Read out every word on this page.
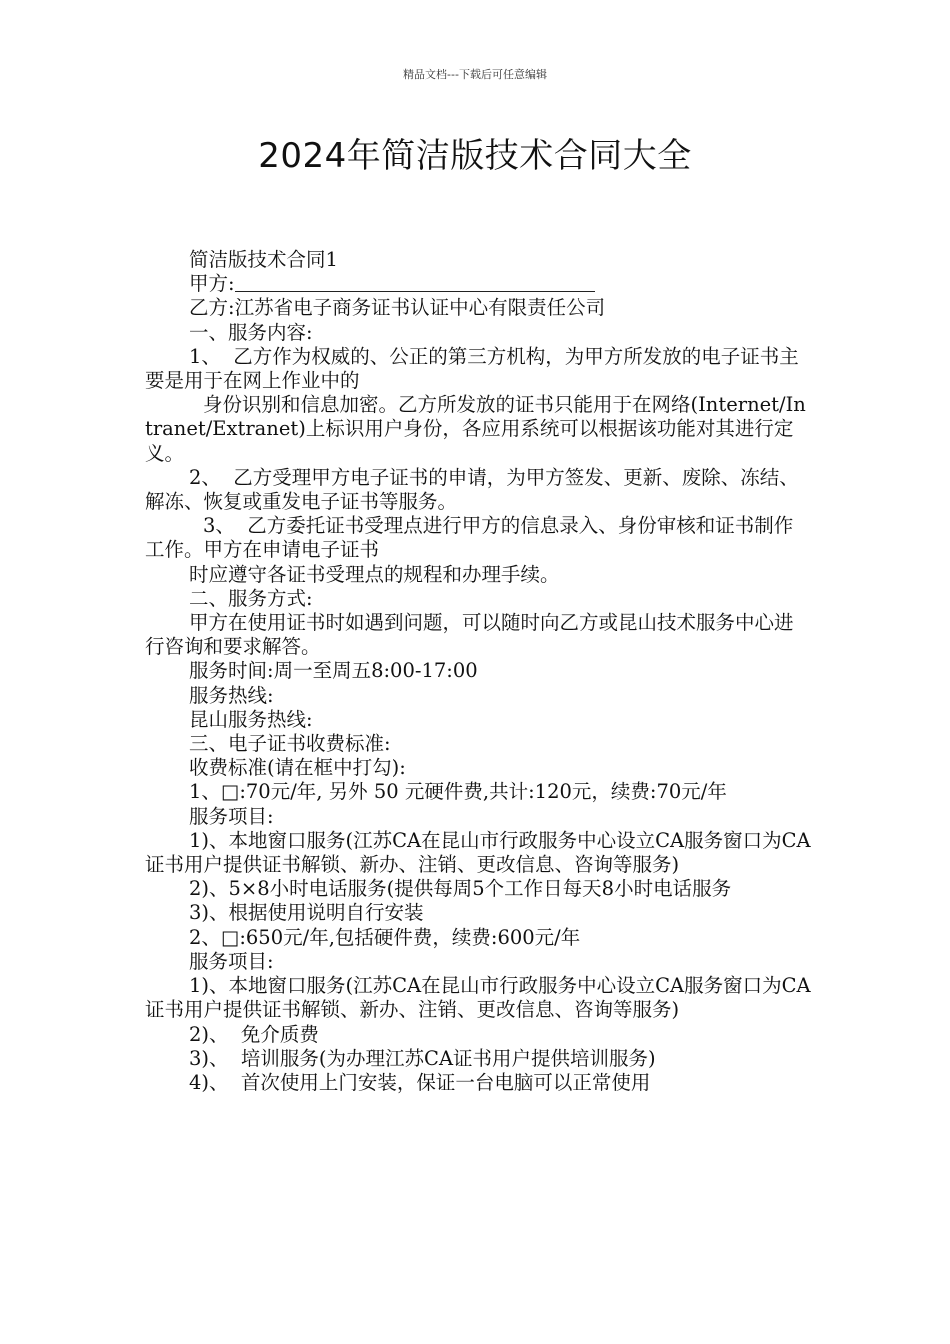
精品文档---下载后可任意编辑
2024年简洁版技术合同大全

简洁版技术合同1

甲方:

乙方:江苏省电子商务证书认证中心有限责任公司

一、服务内容:

1、  乙方作为权威的、公正的第三方机构，为甲方所发放的电子证书主要是用于在网上作业中的

身份识别和信息加密。乙方所发放的证书只能用于在网络(Internet/Intranet/Extranet)上标识用户身份，各应用系统可以根据该功能对其进行定义。

2、  乙方受理甲方电子证书的申请，为甲方签发、更新、废除、冻结、解冻、恢复或重发电子证书等服务。

3、  乙方委托证书受理点进行甲方的信息录入、身份审核和证书制作工作。甲方在申请电子证书

时应遵守各证书受理点的规程和办理手续。

二、服务方式:

甲方在使用证书时如遇到问题，可以随时向乙方或昆山技术服务中心进行咨询和要求解答。

服务时间:周一至周五8:00-17:00

服务热线:

昆山服务热线:

三、电子证书收费标准:

收费标准(请在框中打勾):

1、□:70元/年, 另外 50 元硬件费,共计:120元，续费:70元/年

服务项目:

1)、本地窗口服务(江苏CA在昆山市行政服务中心设立CA服务窗口为CA证书用户提供证书解锁、新办、注销、更改信息、咨询等服务)

2)、5×8小时电话服务(提供每周5个工作日每天8小时电话服务

3)、根据使用说明自行安装

2、□:650元/年,包括硬件费，续费:600元/年

服务项目:

1)、本地窗口服务(江苏CA在昆山市行政服务中心设立CA服务窗口为CA证书用户提供证书解锁、新办、注销、更改信息、咨询等服务)

2)、  免介质费

3)、  培训服务(为办理江苏CA证书用户提供培训服务)

4)、  首次使用上门安装，保证一台电脑可以正常使用
